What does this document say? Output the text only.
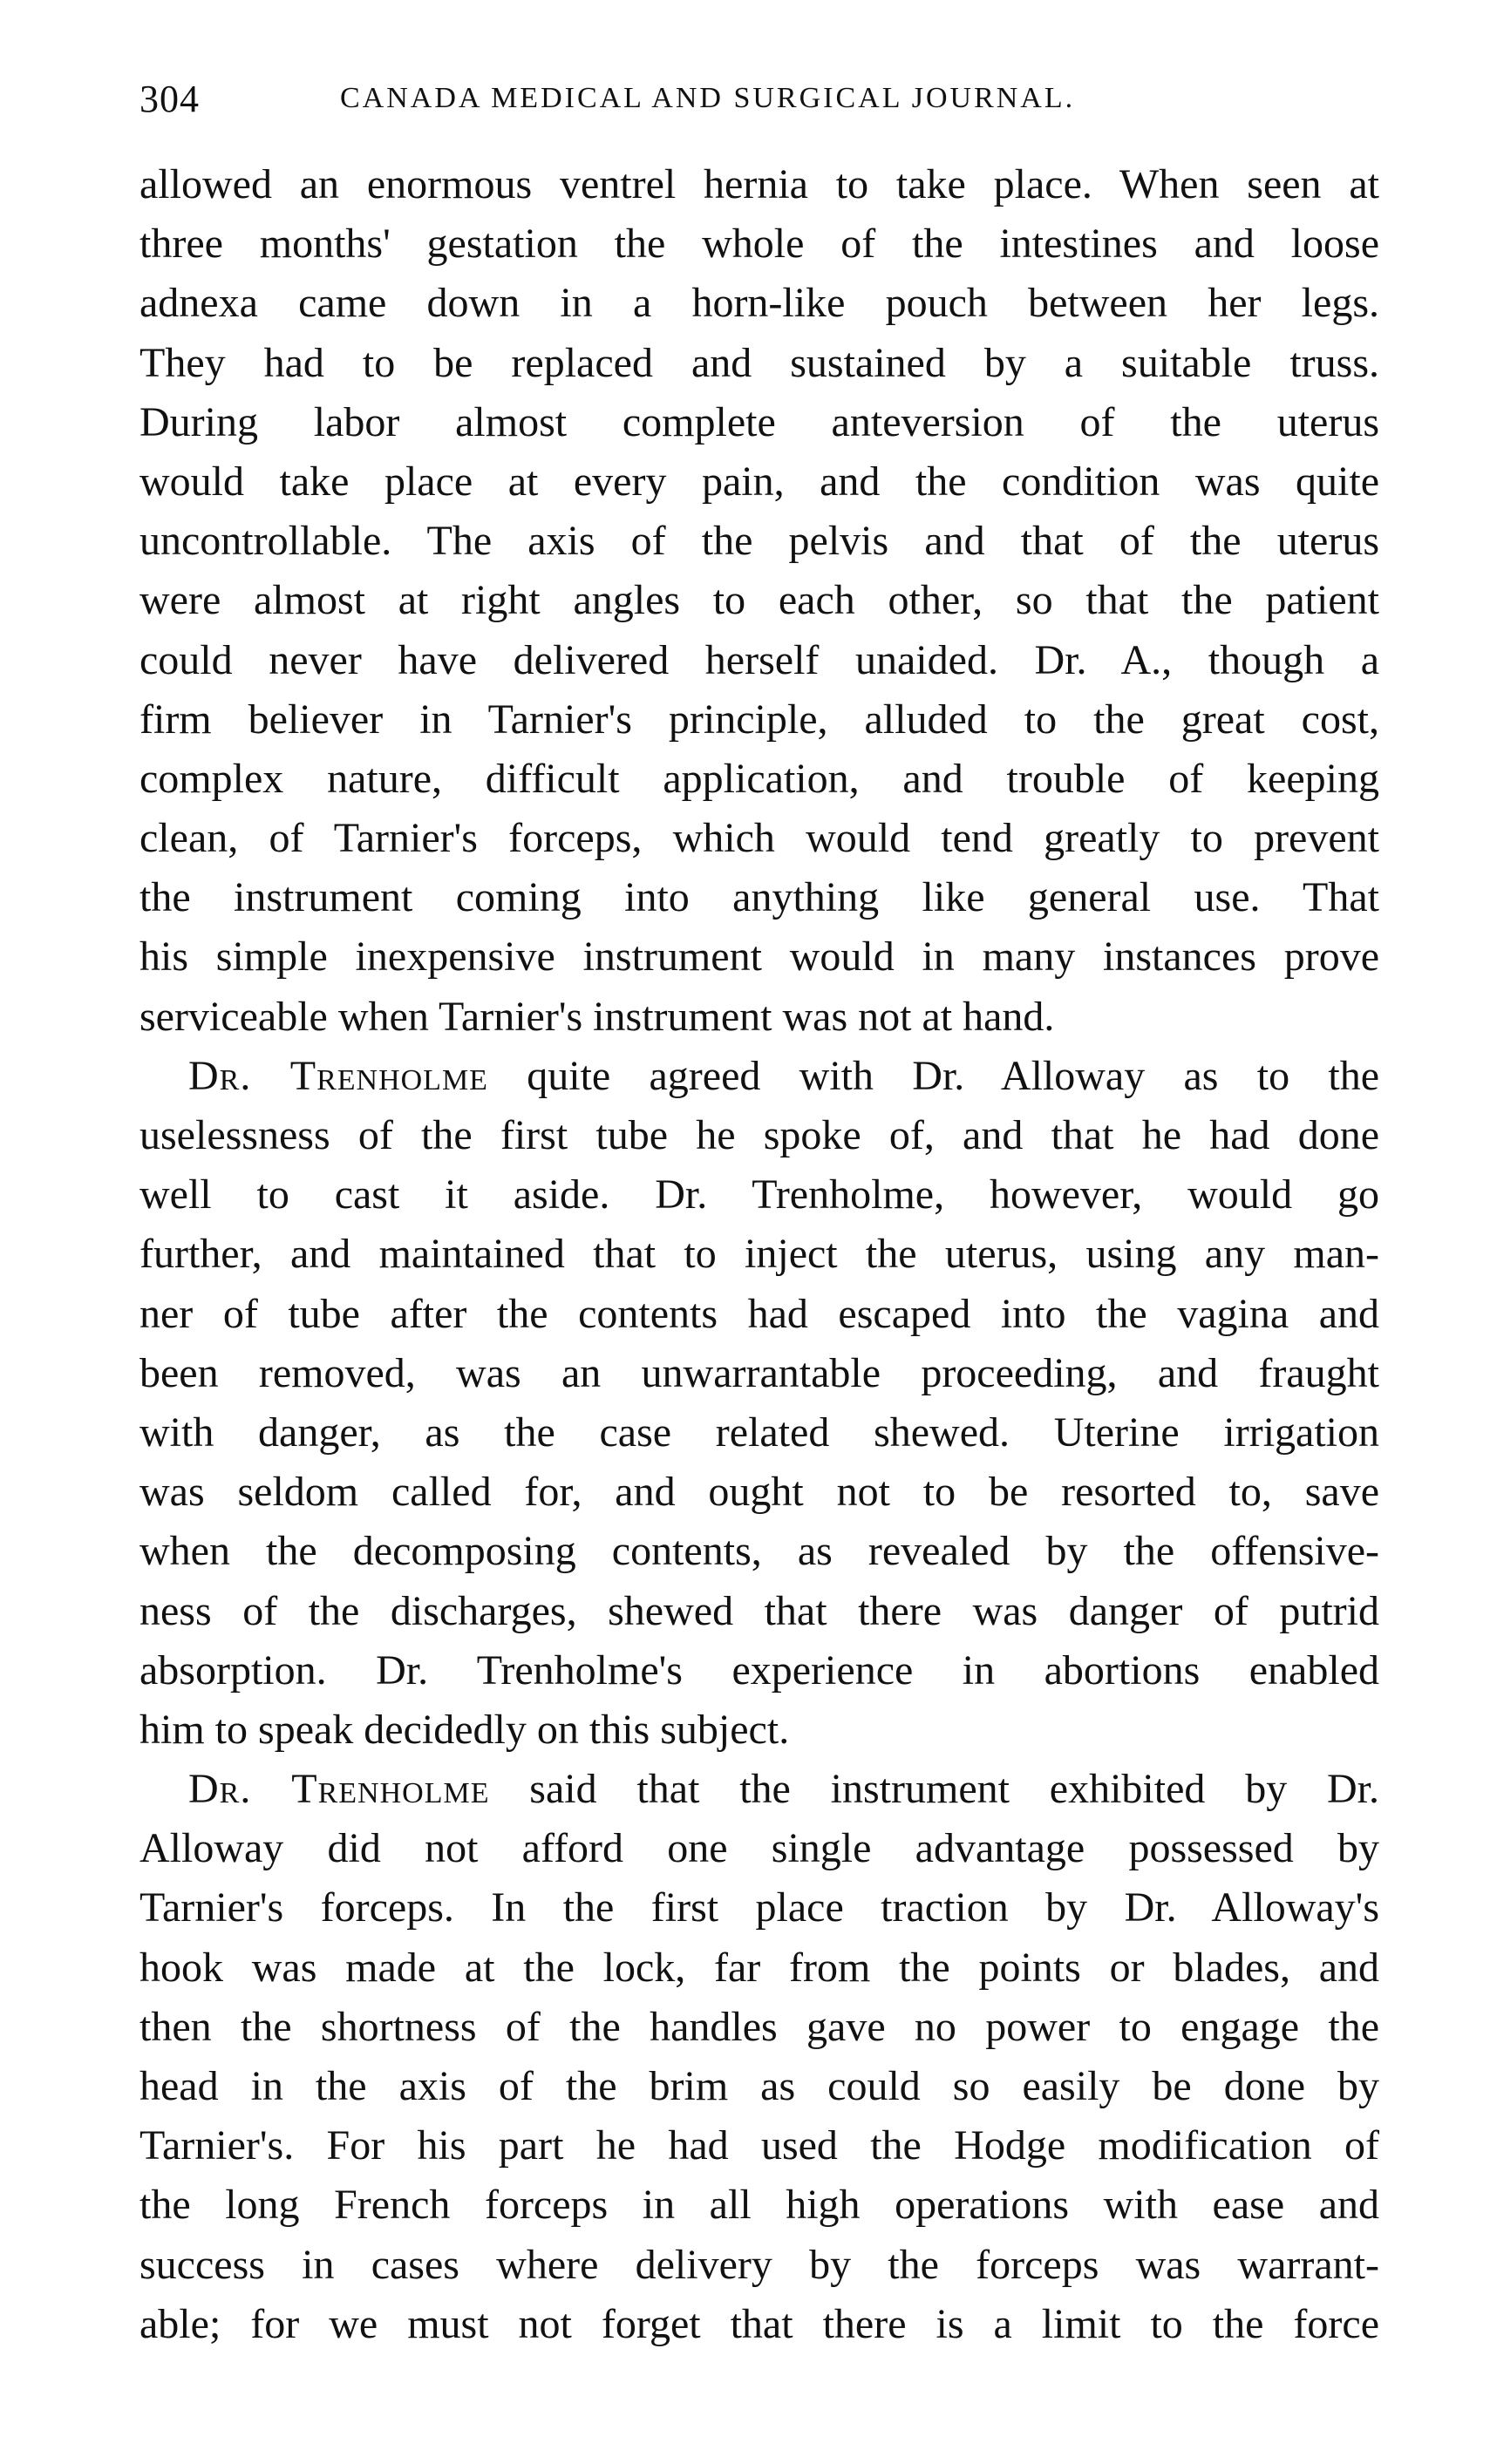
304	CANADA MEDICAL AND SURGICAL JOURNAL.
allowed an enormous ventrel hernia to take place. When seen at
three months' gestation the whole of the intestines and loose
adnexa came down in a horn-like pouch between her legs.
They had to be replaced and sustained by a suitable truss.
During labor almost complete anteversion of the uterus
would take place at every pain, and the condition was quite
uncontrollable. The axis of the pelvis and that of the uterus
were almost at right angles to each other, so that the patient
could never have delivered herself unaided. Dr. A., though a
firm believer in Tarnier's principle, alluded to the great cost,
complex nature, difficult application, and trouble of keeping
clean, of Tarnier's forceps, which would tend greatly to prevent
the instrument coming into anything like general use. That
his simple inexpensive instrument would in many instances prove
serviceable when Tarnier's instrument was not at hand.
Dr. Trenholme quite agreed with Dr. Alloway as to the
uselessness of the first tube he spoke of, and that he had done
well to cast it aside. Dr. Trenholme, however, would go
further, and maintained that to inject the uterus, using any man-
ner of tube after the contents had escaped into the vagina and
been removed, was an unwarrantable proceeding, and fraught
with danger, as the case related shewed. Uterine irrigation
was seldom called for, and ought not to be resorted to, save
when the decomposing contents, as revealed by the offensive-
ness of the discharges, shewed that there was danger of putrid
absorption. Dr. Trenholme's experience in abortions enabled
him to speak decidedly on this subject.
Dr. Trenholme said that the instrument exhibited by Dr.
Alloway did not afford one single advantage possessed by
Tarnier's forceps. In the first place traction by Dr. Alloway's
hook was made at the lock, far from the points or blades, and
then the shortness of the handles gave no power to engage the
head in the axis of the brim as could so easily be done by
Tarnier's. For his part he had used the Hodge modification of
the long French forceps in all high operations with ease and
success in cases where delivery by the forceps was warrant-
able; for we must not forget that there is a limit to the force
